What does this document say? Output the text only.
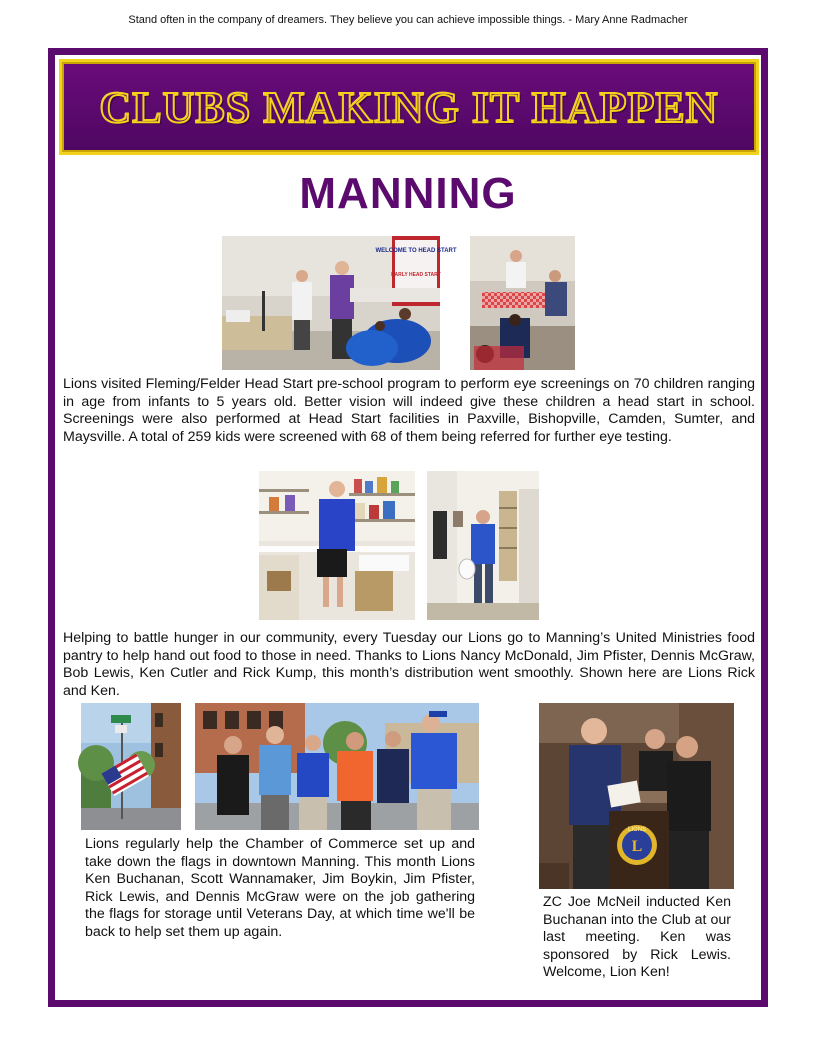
Stand often in the company of dreamers. They believe you can achieve impossible things. - Mary Anne Radmacher
CLUBS MAKING IT HAPPEN
MANNING
WELCOME TO HEAD START
EARLY HEAD START
Lions visited Fleming/Felder Head Start pre-school program to perform eye screenings on 70 children ranging in age from infants to 5 years old. Better vision will indeed give these children a head start in school. Screenings were also performed at Head Start facilities in Paxville, Bishopville, Camden, Sumter, and Maysville. A total of 259 kids were screened with 68 of them being referred for further eye testing.
Helping to battle hunger in our community, every Tuesday our Lions go to Manning’s United Ministries food pantry to help hand out food to those in need. Thanks to Lions Nancy McDonald, Jim Pfister, Dennis McGraw, Bob Lewis, Ken Cutler and Rick Kump, this month’s distribution went smoothly. Shown here are Lions Rick and Ken.
Lions regularly help the Chamber of Commerce set up and take down the flags in downtown Manning. This month Lions Ken Buchanan, Scott Wannamaker, Jim Boykin, Jim Pfister, Rick Lewis, and Dennis McGraw were on the job gathering the flags for storage until Veterans Day, at which time we'll be back to help set them up again.
LIONS
L
ZC Joe McNeil inducted Ken Buchanan into the Club at our last meeting. Ken was sponsored by Rick Lewis. Welcome, Lion Ken!
